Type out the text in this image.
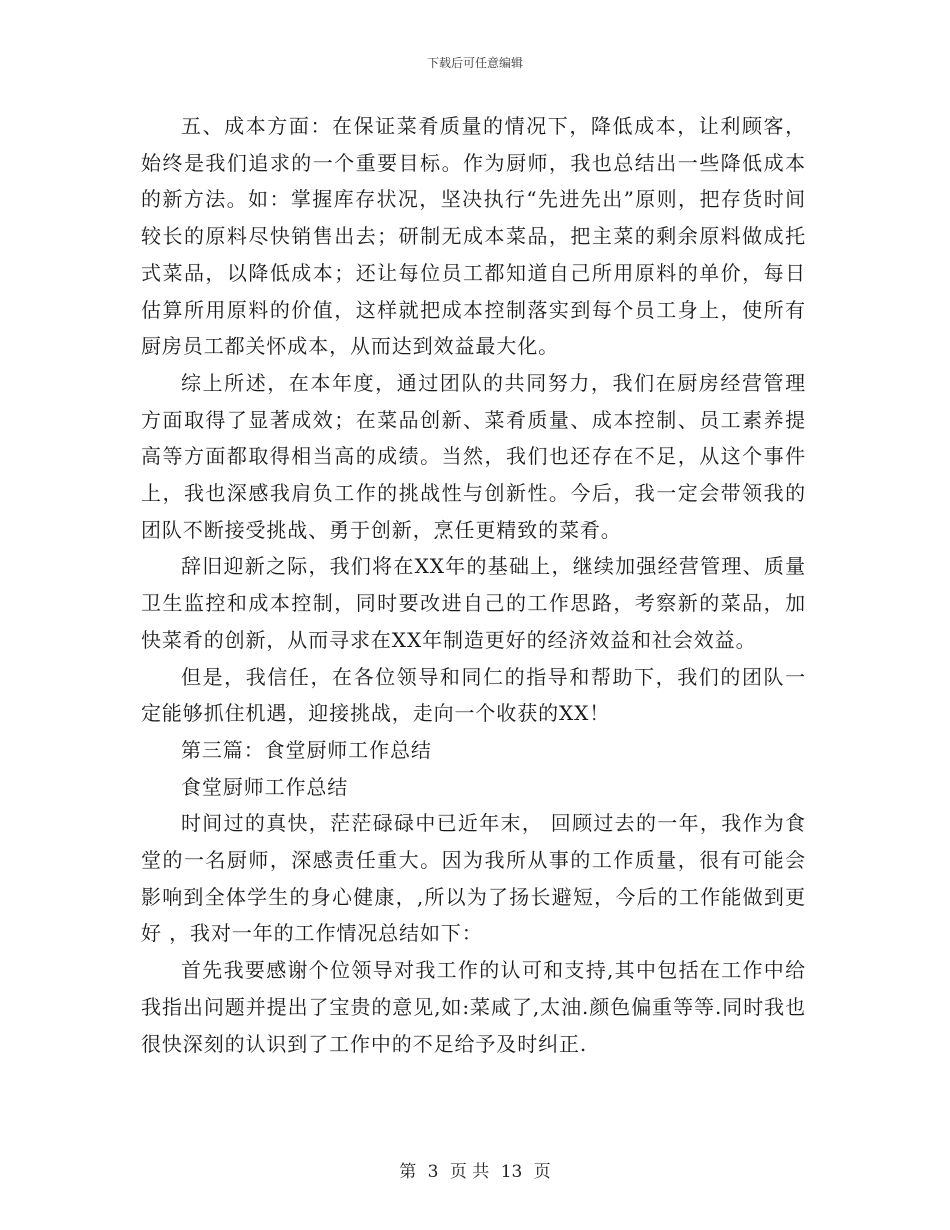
下载后可任意编辑

五、成本方面：在保证菜肴质量的情况下，降低成本，让利顾客，始终是我们追求的一个重要目标。作为厨师，我也总结出一些降低成本的新方法。如：掌握库存状况，坚决执行“先进先出”原则，把存货时间较长的原料尽快销售出去；研制无成本菜品，把主菜的剩余原料做成托式菜品，以降低成本；还让每位员工都知道自己所用原料的单价，每日估算所用原料的价值，这样就把成本控制落实到每个员工身上，使所有厨房员工都关怀成本，从而达到效益最大化。

综上所述，在本年度，通过团队的共同努力，我们在厨房经营管理方面取得了显著成效；在菜品创新、菜肴质量、成本控制、员工素养提高等方面都取得相当高的成绩。当然，我们也还存在不足，从这个事件上，我也深感我肩负工作的挑战性与创新性。今后，我一定会带领我的团队不断接受挑战、勇于创新，烹任更精致的菜肴。

辞旧迎新之际，我们将在XX年的基础上，继续加强经营管理、质量卫生监控和成本控制，同时要改进自己的工作思路，考察新的菜品，加快菜肴的创新，从而寻求在XX年制造更好的经济效益和社会效益。

但是，我信任，在各位领导和同仁的指导和帮助下，我们的团队一定能够抓住机遇，迎接挑战，走向一个收获的XX！

第三篇：食堂厨师工作总结

食堂厨师工作总结

时间过的真快，茫茫碌碌中已近年末， 回顾过去的一年，我作为食堂的一名厨师，深感责任重大。因为我所从事的工作质量，很有可能会影响到全体学生的身心健康，,所以为了扬长避短，今后的工作能做到更好 ，我对一年的工作情况总结如下：

首先我要感谢个位领导对我工作的认可和支持,其中包括在工作中给我指出问题并提出了宝贵的意见,如:菜咸了,太油.颜色偏重等等.同时我也很快深刻的认识到了工作中的不足给予及时纠正.

第 3 页 共 13 页
